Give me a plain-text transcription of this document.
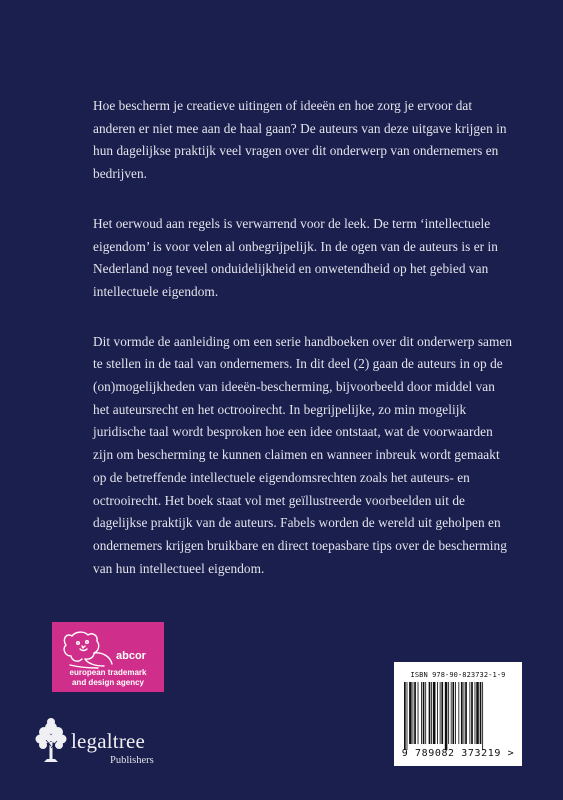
Hoe bescherm je creatieve uitingen of ideeën en hoe zorg je ervoor dat anderen er niet mee aan de haal gaan? De auteurs van deze uitgave krijgen in hun dagelijkse praktijk veel vragen over dit onderwerp van ondernemers en bedrijven.

Het oerwoud aan regels is verwarrend voor de leek. De term ‘intellectuele eigendom’ is voor velen al onbegrijpelijk. In de ogen van de auteurs is er in Nederland nog teveel onduidelijkheid en onwetendheid op het gebied van intellectuele eigendom.

Dit vormde de aanleiding om een serie handboeken over dit onderwerp samen te stellen in de taal van ondernemers. In dit deel (2) gaan de auteurs in op de (on)mogelijkheden van ideeën-bescherming, bijvoorbeeld door middel van het auteursrecht en het octrooirecht. In begrijpelijke, zo min mogelijk juridische taal wordt besproken hoe een idee ontstaat, wat de voorwaarden zijn om bescherming te kunnen claimen en wanneer inbreuk wordt gemaakt op de betreffende intellectuele eigendomsrechten zoals het auteurs- en octrooirecht. Het boek staat vol met geïllustreerde voorbeelden uit de dagelijkse praktijk van de auteurs. Fabels worden de wereld uit geholpen en ondernemers krijgen bruikbare en direct toepasbare tips over de bescherming van hun intellectueel eigendom.

abcor
european trademark
and design agency
legaltree
Publishers
ISBN 978-90-823732-1-9
9 789082 373219 >
